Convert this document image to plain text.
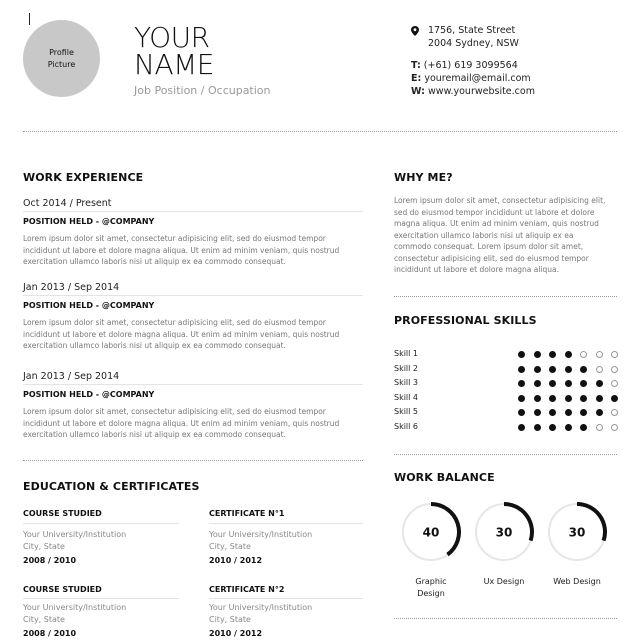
Profile
Picture
YOUR
NAME
Job Position / Occupation
1756, State Street
2004 Sydney, NSW
T: (+61) 619 3099564
E: youremail@email.com
W: www.yourwebsite.com
WORK EXPERIENCE
Oct 2014 / Present
POSITION HELD - @COMPANY
Lorem ipsum dolor sit amet, consectetur adipisicing elit, sed do eiusmod tempor
incididunt ut labore et dolore magna aliqua. Ut enim ad minim veniam, quis nostrud
exercitation ullamco laboris nisi ut aliquip ex ea commodo consequat.
Jan 2013 / Sep 2014
POSITION HELD - @COMPANY
Lorem ipsum dolor sit amet, consectetur adipisicing elit, sed do eiusmod tempor
incididunt ut labore et dolore magna aliqua. Ut enim ad minim veniam, quis nostrud
exercitation ullamco laboris nisi ut aliquip ex ea commodo consequat.
Jan 2013 / Sep 2014
POSITION HELD - @COMPANY
Lorem ipsum dolor sit amet, consectetur adipisicing elit, sed do eiusmod tempor
incididunt ut labore et dolore magna aliqua. Ut enim ad minim veniam, quis nostrud
exercitation ullamco laboris nisi ut aliquip ex ea commodo consequat.
EDUCATION & CERTIFICATES
COURSE STUDIED
Your University/Institution
City, State
2008 / 2010
CERTIFICATE N°1
Your University/Institution
City, State
2010 / 2012
COURSE STUDIED
Your University/Institution
City, State
2008 / 2010
CERTIFICATE N°2
Your University/Institution
City, State
2010 / 2012
WHY ME?
Lorem ipsum dolor sit amet, consectetur adipisicing elit,
sed do eiusmod tempor incididunt ut labore et dolore
magna aliqua. Ut enim ad minim veniam, quis nostrud
exercitation ullamco laboris nisi ut aliquip ex ea
commodo consequat. Lorem ipsum dolor sit amet,
consectetur adipisicing elit, sed do eiusmod tempor
incididunt ut labore et dolore magna aliqua.
PROFESSIONAL SKILLS
Skill 1
Skill 2
Skill 3
Skill 4
Skill 5
Skill 6
WORK BALANCE
40	30	30
Graphic
Design
Ux Design	Web Design
